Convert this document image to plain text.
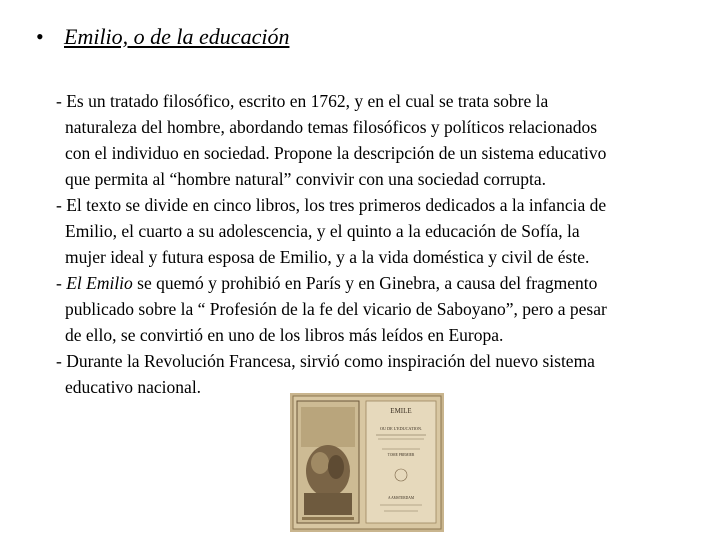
• Emilio, o de la educación
- Es un tratado filosófico, escrito en 1762, y en el cual se trata sobre la
naturaleza del hombre, abordando temas filosóficos y políticos relacionados
con el individuo en sociedad. Propone la descripción de un sistema educativo
que permita al “hombre natural” convivir con una sociedad corrupta.
- El texto se divide en cinco libros, los tres primeros dedicados a la infancia de
Emilio, el cuarto a su adolescencia, y el quinto a la educación de Sofía, la
mujer ideal y futura esposa de Emilio, y a la vida doméstica y civil de éste.
- El Emilio se quemó y prohibió en París y en Ginebra, a causa del fragmento
publicado sobre la “ Profesión de la fe del vicario de Saboyano”, pero a pesar
de ello, se convirtió en uno de los libros más leídos en Europa.
- Durante la Revolución Francesa, sirvió como inspiración del nuevo sistema
educativo nacional.
EMILE
OU DE L'EDUCATION.
TOME PREMIER
A AMSTERDAM
